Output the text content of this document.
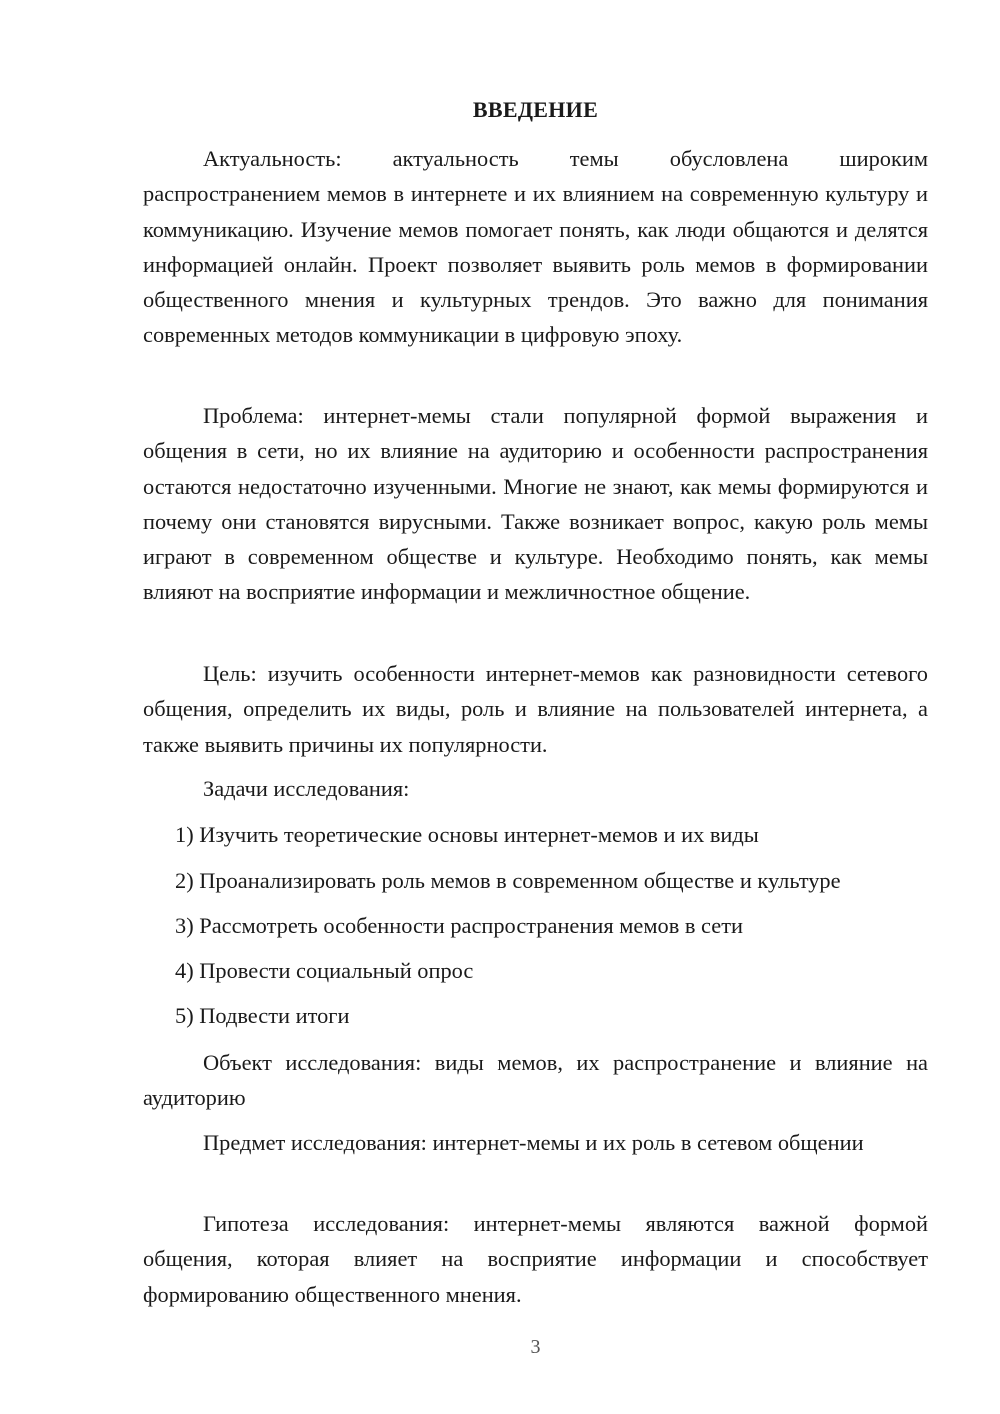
ВВЕДЕНИЕ

Актуальность: актуальность темы обусловлена широким распространением мемов в интернете и их влиянием на современную культуру и коммуникацию. Изучение мемов помогает понять, как люди общаются и делятся информацией онлайн. Проект позволяет выявить роль мемов в формировании общественного мнения и культурных трендов. Это важно для понимания современных методов коммуникации в цифровую эпоху.

Проблема: интернет-мемы стали популярной формой выражения и общения в сети, но их влияние на аудиторию и особенности распространения остаются недостаточно изученными. Многие не знают, как мемы формируются и почему они становятся вирусными. Также возникает вопрос, какую роль мемы играют в современном обществе и культуре. Необходимо понять, как мемы влияют на восприятие информации и межличностное общение.

Цель: изучить особенности интернет-мемов как разновидности сетевого общения, определить их виды, роль и влияние на пользователей интернета, а также выявить причины их популярности.

Задачи исследования:

1) Изучить теоретические основы интернет-мемов и их виды

2) Проанализировать роль мемов в современном обществе и культуре

3) Рассмотреть особенности распространения мемов в сети

4) Провести социальный опрос

5) Подвести итоги

Объект исследования: виды мемов, их распространение и влияние на аудиторию

Предмет исследования: интернет-мемы и их роль в сетевом общении

Гипотеза исследования: интернет-мемы являются важной формой общения, которая влияет на восприятие информации и способствует формированию общественного мнения.

3
